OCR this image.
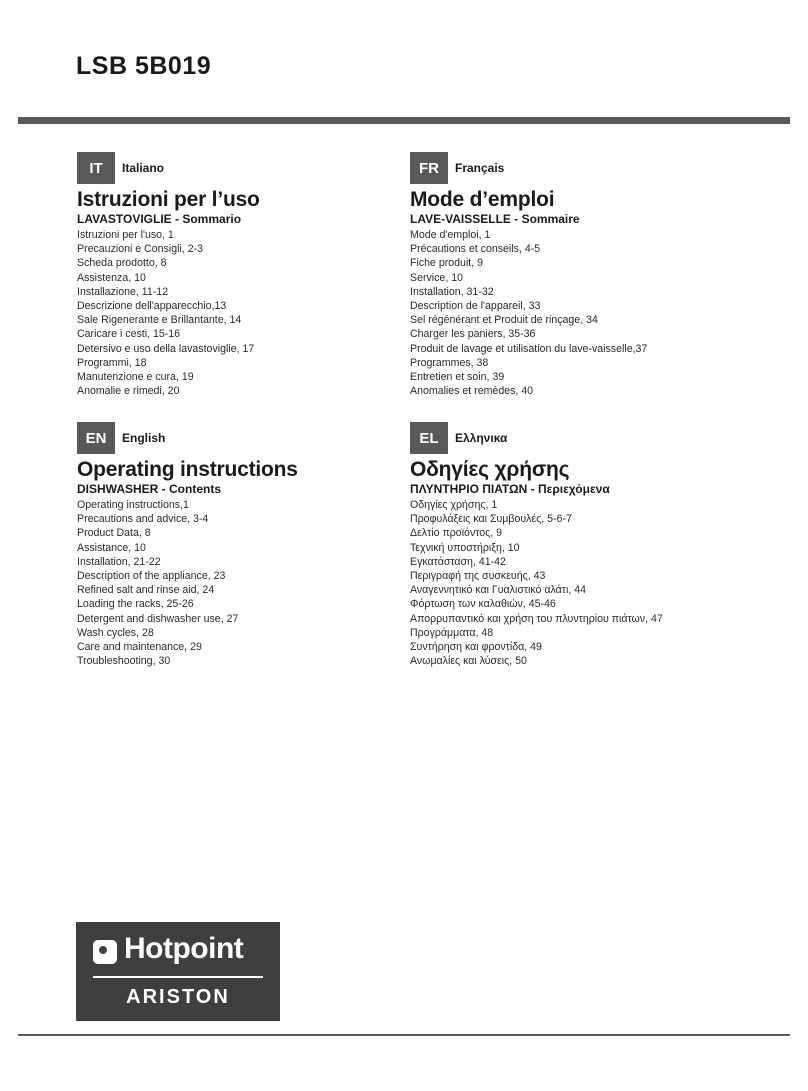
LSB 5B019
IT	Italiano
Istruzioni per l’uso
LAVASTOVIGLIE - Sommario
Istruzioni per l'uso, 1
Precauzioni e Consigli, 2-3
Scheda prodotto, 8
Assistenza, 10
Installazione, 11-12
Descrizione dell'apparecchio,13
Sale Rigenerante e Brillantante, 14
Caricare i cesti, 15-16
Detersivo e uso della lavastoviglie, 17
Programmi, 18
Manutenzione e cura, 19
Anomalie e rimedi, 20
FR	Français
Mode d’emploi
LAVE-VAISSELLE - Sommaire
Mode d'emploi, 1
Précautions et conseils, 4-5
Fiche produit, 9
Service, 10
Installation, 31-32
Description de l'appareil, 33
Sel régénérant et Produit de rinçage, 34
Charger les paniers, 35-36
Produit de lavage et utilisation du lave-vaisselle,37
Programmes, 38
Entretien et soin, 39
Anomalies et remèdes, 40
EN	English
Operating instructions
DISHWASHER - Contents
Operating instructions,1
Precautions and advice, 3-4
Product Data, 8
Assistance, 10
Installation, 21-22
Description of the appliance, 23
Refined salt and rinse aid, 24
Loading the racks, 25-26
Detergent and dishwasher use, 27
Wash cycles, 28
Care and maintenance, 29
Troubleshooting, 30
EL	Ελληνικα
Οδηγίες χρήσης
ΠΛΥΝΤΗΡΙΟ ΠΙΑΤΩΝ - Περιεχόμενα
Οδηγίες χρήσης, 1
Προφυλάξεις και Συμβουλές, 5-6-7
Δελτίο προϊόντος, 9
Τεχνική υποστήριξη, 10
Εγκατάσταση, 41-42
Περιγραφή της συσκευής, 43
Αναγεννητικό και Γυαλιστικό αλάτι, 44
Φόρτωση των καλαθιών, 45-46
Απορρυπαντικό και χρήση του πλυντηρίου πιάτων, 47
Προγράμματα, 48
Συντήρηση και φροντίδα, 49
Ανωμαλίες και λύσεις, 50
Hotpoint
ARISTON
